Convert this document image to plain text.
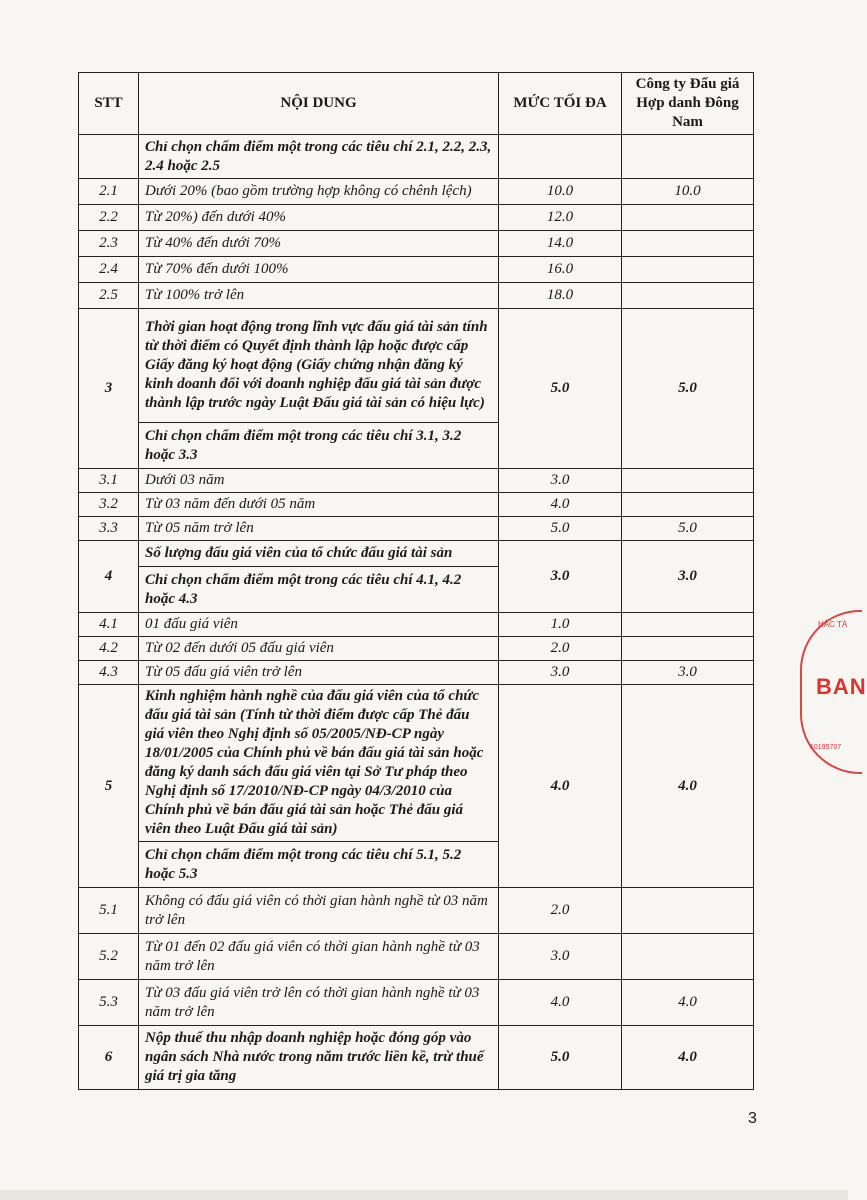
STT	NỘI DUNG	MỨC TỐI ĐA	Công ty Đấu giá Hợp danh Đông Nam
	Chỉ chọn chấm điểm một trong các tiêu chí 2.1, 2.2, 2.3, 2.4 hoặc 2.5		
2.1	Dưới 20% (bao gồm trường hợp không có chênh lệch)	10.0	10.0
2.2	Từ 20%) đến dưới 40%	12.0	
2.3	Từ 40% đến dưới 70%	14.0	
2.4	Từ 70% đến dưới 100%	16.0	
2.5	Từ 100% trở lên	18.0	
3	Thời gian hoạt động trong lĩnh vực đấu giá tài sản tính từ thời điểm có Quyết định thành lập hoặc được cấp Giấy đăng ký hoạt động (Giấy chứng nhận đăng ký kinh doanh đối với doanh nghiệp đấu giá tài sản được thành lập trước ngày Luật Đấu giá tài sản có hiệu lực)	5.0	5.0
	Chỉ chọn chấm điểm một trong các tiêu chí 3.1, 3.2 hoặc 3.3		
3.1	Dưới 03 năm	3.0	
3.2	Từ 03 năm đến dưới 05 năm	4.0	
3.3	Từ 05 năm trở lên	5.0	5.0
4	Số lượng đấu giá viên của tổ chức đấu giá tài sản	3.0	3.0
	Chỉ chọn chấm điểm một trong các tiêu chí 4.1, 4.2 hoặc 4.3		
4.1	01 đấu giá viên	1.0	
4.2	Từ 02 đến dưới 05 đấu giá viên	2.0	
4.3	Từ 05 đấu giá viên trở lên	3.0	3.0
5	Kinh nghiệm hành nghề của đấu giá viên của tổ chức đấu giá tài sản (Tính từ thời điểm được cấp Thẻ đấu giá viên theo Nghị định số 05/2005/NĐ-CP ngày 18/01/2005 của Chính phủ về bán đấu giá tài sản hoặc đăng ký danh sách đấu giá viên tại Sở Tư pháp theo Nghị định số 17/2010/NĐ-CP ngày 04/3/2010 của Chính phủ về bán đấu giá tài sản hoặc Thẻ đấu giá viên theo Luật Đấu giá tài sản)	4.0	4.0
	Chỉ chọn chấm điểm một trong các tiêu chí 5.1, 5.2 hoặc 5.3		
5.1	Không có đấu giá viên có thời gian hành nghề từ 03 năm trở lên	2.0	
5.2	Từ 01 đến 02 đấu giá viên có thời gian hành nghề từ 03 năm trở lên	3.0	
5.3	Từ 03 đấu giá viên trở lên có thời gian hành nghề từ 03 năm trở lên	4.0	4.0
6	Nộp thuế thu nhập doanh nghiệp hoặc đóng góp vào ngân sách Nhà nước trong năm trước liền kề, trừ thuế giá trị gia tăng	5.0	4.0
HẮC TÀ
BAN
10195707
3
